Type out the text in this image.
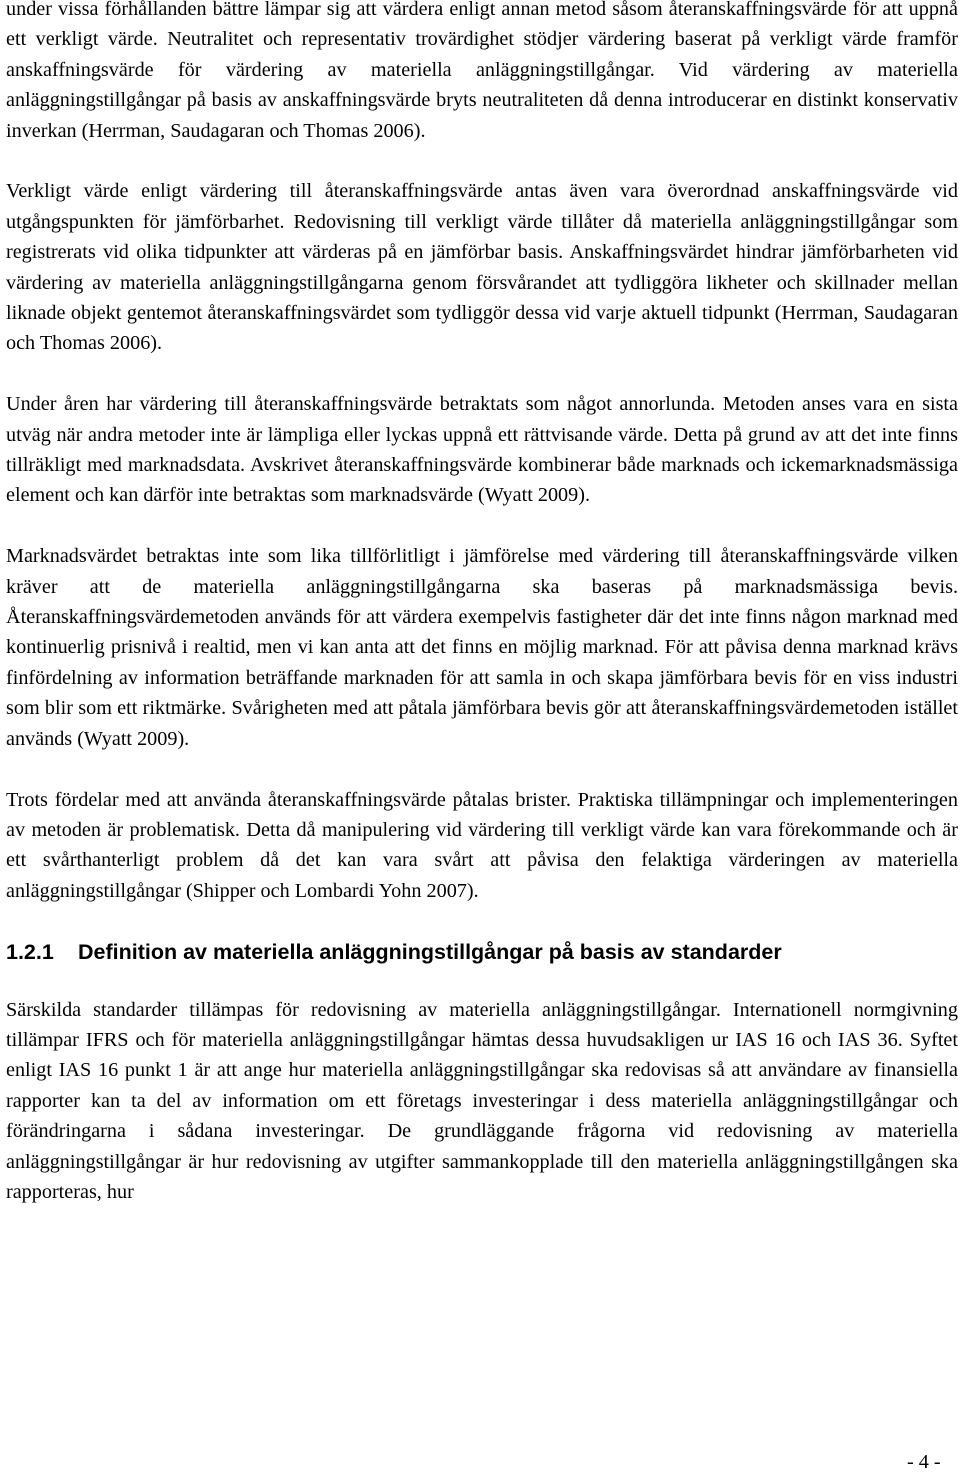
under vissa förhållanden bättre lämpar sig att värdera enligt annan metod såsom återanskaffningsvärde för att uppnå ett verkligt värde. Neutralitet och representativ trovärdighet stödjer värdering baserat på verkligt värde framför anskaffningsvärde för värdering av materiella anläggningstillgångar. Vid värdering av materiella anläggningstillgångar på basis av anskaffningsvärde bryts neutraliteten då denna introducerar en distinkt konservativ inverkan (Herrman, Saudagaran och Thomas 2006).

Verkligt värde enligt värdering till återanskaffningsvärde antas även vara överordnad anskaffningsvärde vid utgångspunkten för jämförbarhet. Redovisning till verkligt värde tillåter då materiella anläggningstillgångar som registrerats vid olika tidpunkter att värderas på en jämförbar basis. Anskaffningsvärdet hindrar jämförbarheten vid värdering av materiella anläggningstillgångarna genom försvårandet att tydliggöra likheter och skillnader mellan liknade objekt gentemot återanskaffningsvärdet som tydliggör dessa vid varje aktuell tidpunkt (Herrman, Saudagaran och Thomas 2006).

Under åren har värdering till återanskaffningsvärde betraktats som något annorlunda. Metoden anses vara en sista utväg när andra metoder inte är lämpliga eller lyckas uppnå ett rättvisande värde. Detta på grund av att det inte finns tillräkligt med marknadsdata. Avskrivet återanskaffningsvärde kombinerar både marknads och ickemarknadsmässiga element och kan därför inte betraktas som marknadsvärde (Wyatt 2009).

Marknadsvärdet betraktas inte som lika tillförlitligt i jämförelse med värdering till återanskaffningsvärde vilken kräver att de materiella anläggningstillgångarna ska baseras på marknadsmässiga bevis. Återanskaffningsvärdemetoden används för att värdera exempelvis fastigheter där det inte finns någon marknad med kontinuerlig prisnivå i realtid, men vi kan anta att det finns en möjlig marknad. För att påvisa denna marknad krävs finfördelning av information beträffande marknaden för att samla in och skapa jämförbara bevis för en viss industri som blir som ett riktmärke. Svårigheten med att påtala jämförbara bevis gör att återanskaffningsvärdemetoden istället används (Wyatt 2009).

Trots fördelar med att använda återanskaffningsvärde påtalas brister. Praktiska tillämpningar och implementeringen av metoden är problematisk. Detta då manipulering vid värdering till verkligt värde kan vara förekommande och är ett svårthanterligt problem då det kan vara svårt att påvisa den felaktiga värderingen av materiella anläggningstillgångar (Shipper och Lombardi Yohn 2007).

1.2.1 Definition av materiella anläggningstillgångar på basis av standarder

Särskilda standarder tillämpas för redovisning av materiella anläggningstillgångar. Internationell normgivning tillämpar IFRS och för materiella anläggningstillgångar hämtas dessa huvudsakligen ur IAS 16 och IAS 36. Syftet enligt IAS 16 punkt 1 är att ange hur materiella anläggningstillgångar ska redovisas så att användare av finansiella rapporter kan ta del av information om ett företags investeringar i dess materiella anläggningstillgångar och förändringarna i sådana investeringar. De grundläggande frågorna vid redovisning av materiella anläggningstillgångar är hur redovisning av utgifter sammankopplade till den materiella anläggningstillgången ska rapporteras, hur

- 4 -
